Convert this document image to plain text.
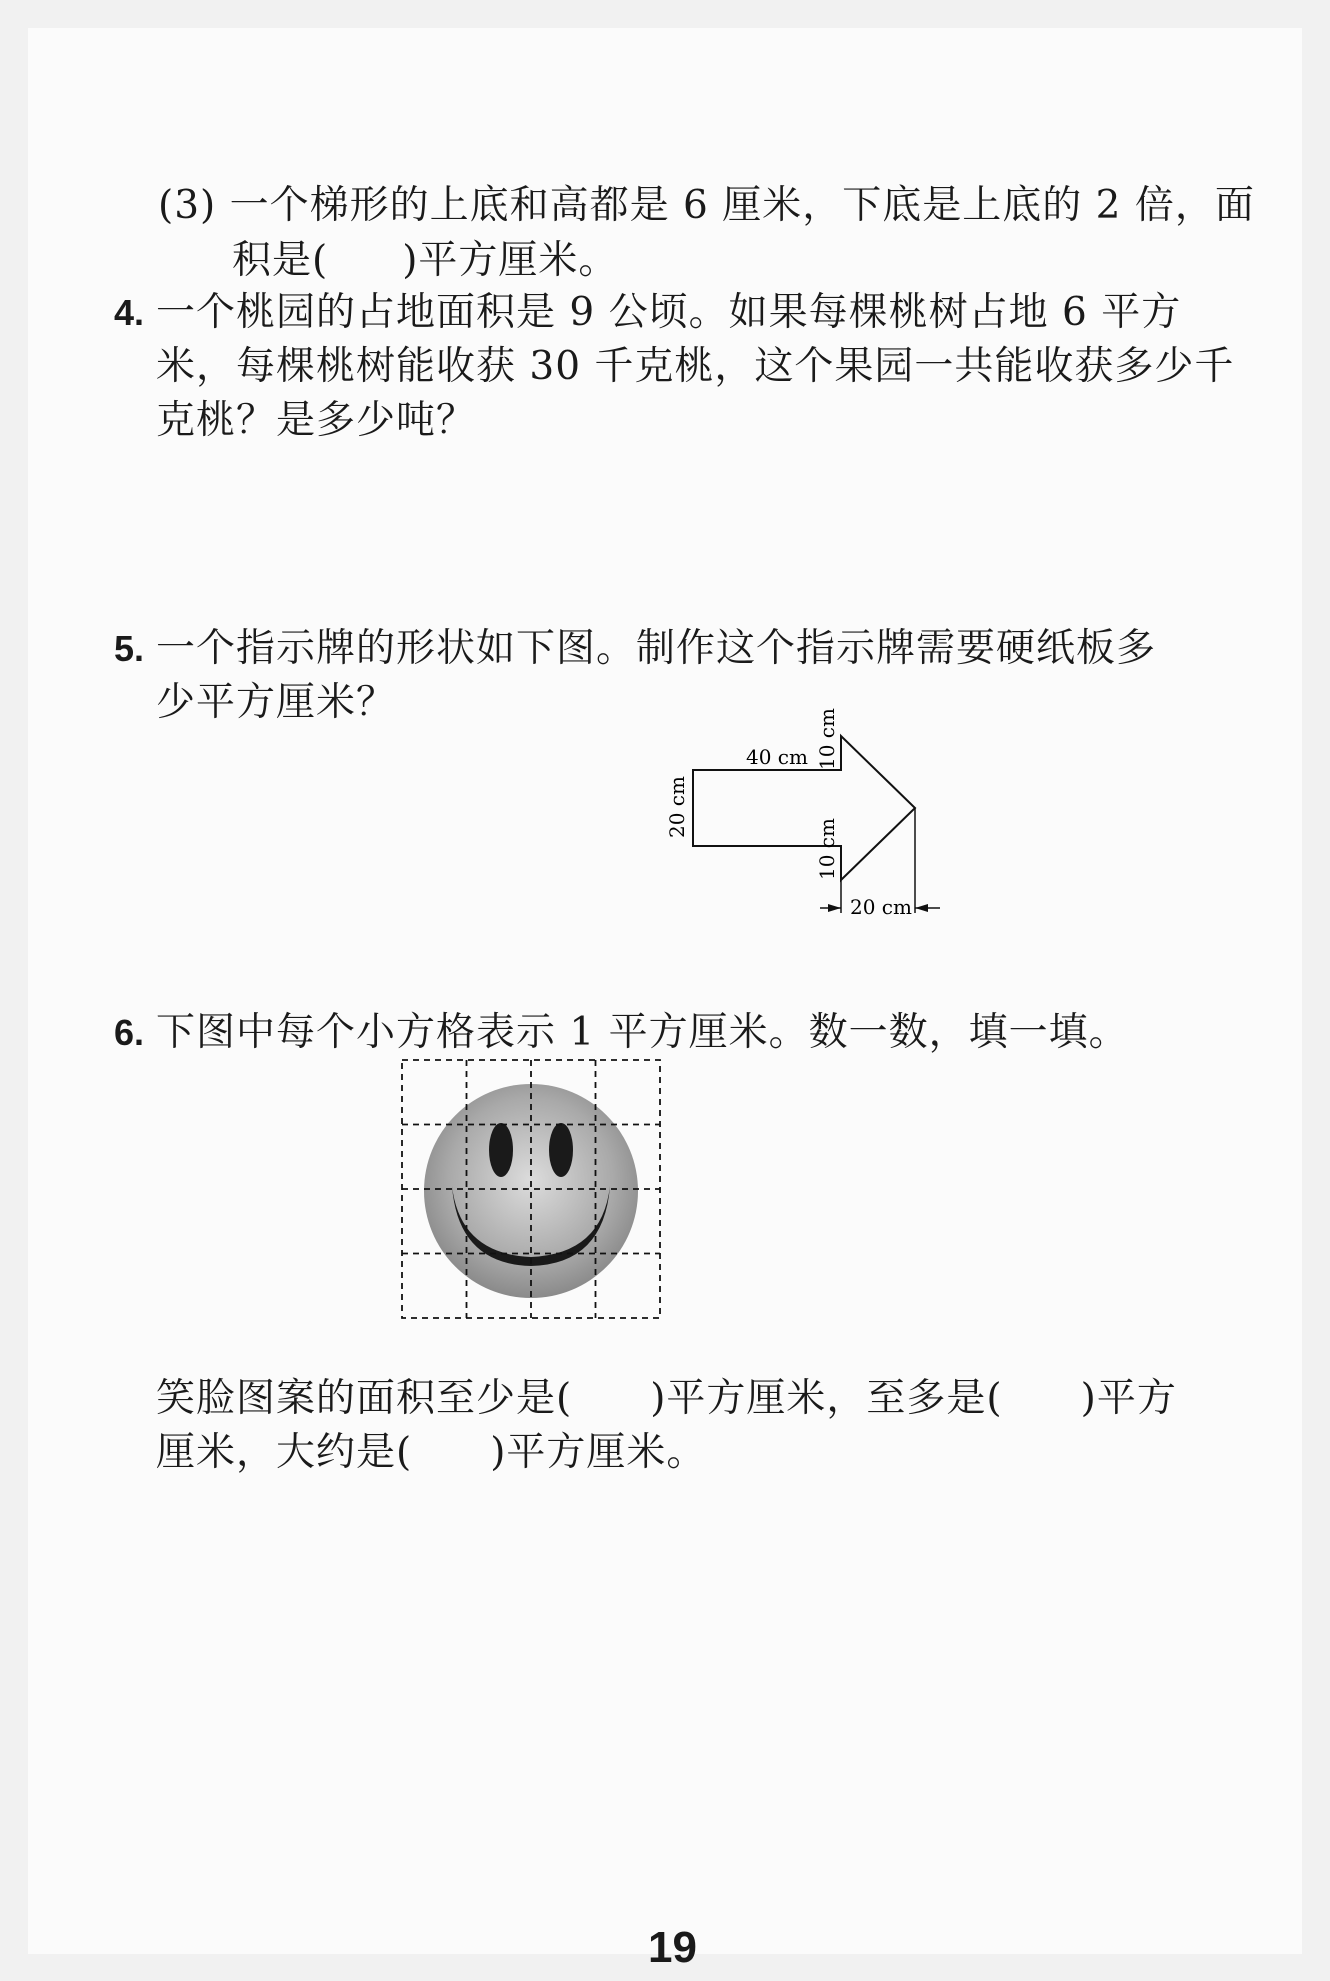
(3) 一个梯形的上底和高都是 6 厘米，下底是上底的 2 倍，面
积是( )平方厘米。
4. 一个桃园的占地面积是 9 公顷。如果每棵桃树占地 6 平方
米，每棵桃树能收获 30 千克桃，这个果园一共能收获多少千
克桃？是多少吨？
5. 一个指示牌的形状如下图。制作这个指示牌需要硬纸板多
少平方厘米？
40 cm
20 cm
10 cm
10 cm
20 cm
6. 下图中每个小方格表示 1 平方厘米。数一数，填一填。
笑脸图案的面积至少是( )平方厘米，至多是( )平方
厘米，大约是( )平方厘米。
19
